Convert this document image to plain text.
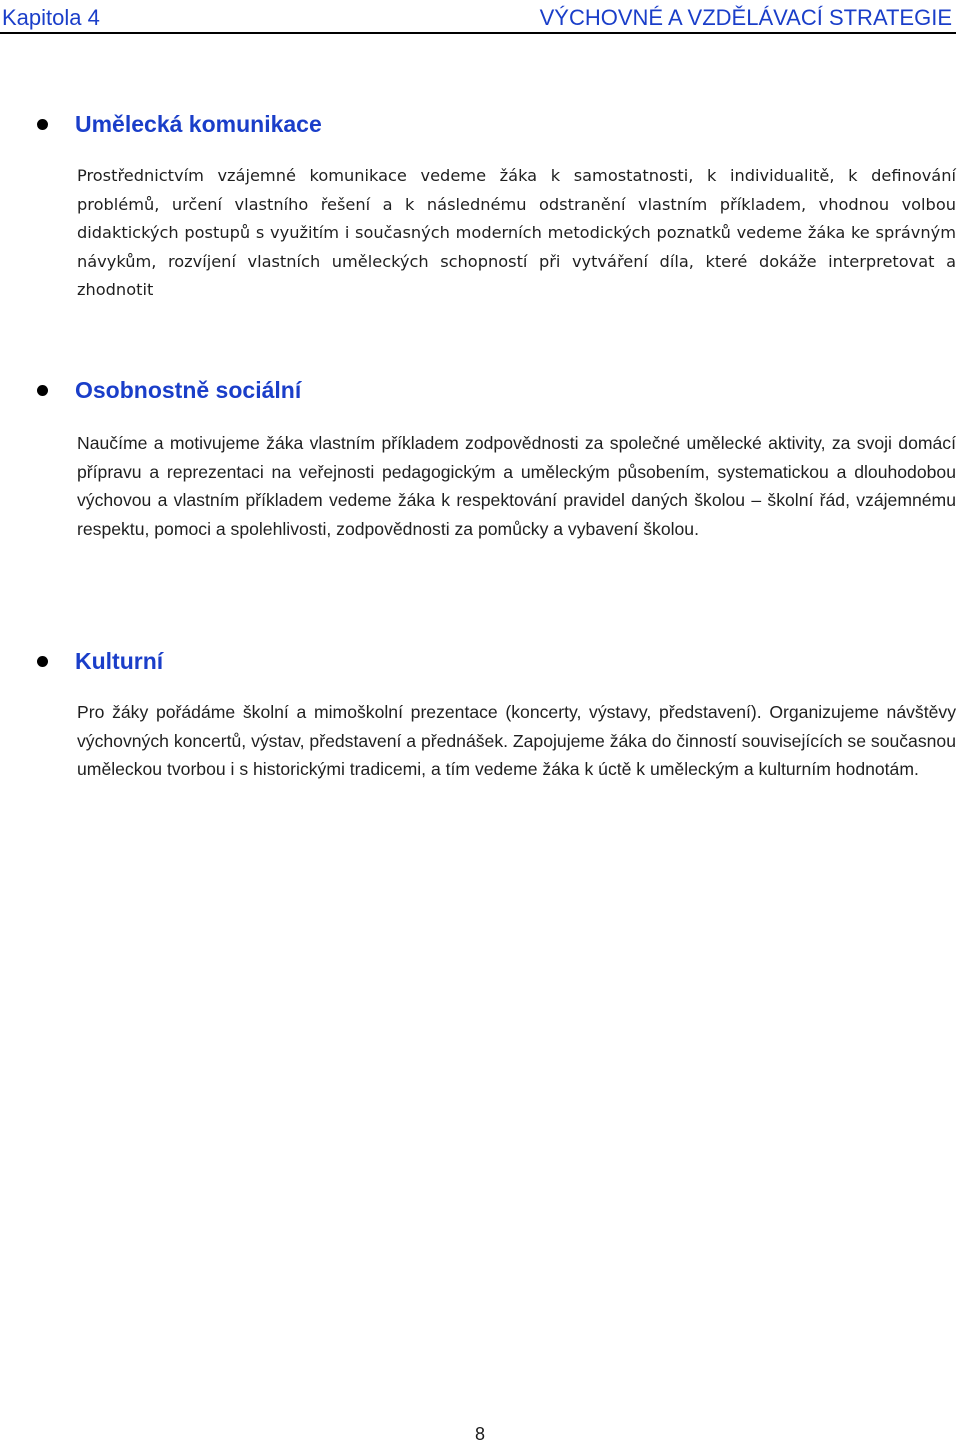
Kapitola 4	VÝCHOVNÉ A VZDĚLÁVACÍ STRATEGIE
Umělecká komunikace

Prostřednictvím vzájemné komunikace vedeme žáka k samostatnosti, k individualitě, k definování problémů, určení vlastního řešení a k následnému odstranění vlastním příkladem, vhodnou volbou didaktických postupů s využitím i současných moderních metodických poznatků vedeme žáka ke správným návykům, rozvíjení vlastních uměleckých schopností při vytváření díla, které dokáže interpretovat a zhodnotit

Osobnostně sociální

Naučíme a motivujeme žáka vlastním příkladem zodpovědnosti za společné umělecké aktivity, za svoji domácí přípravu a reprezentaci na veřejnosti pedagogickým a uměleckým působením, systematickou a dlouhodobou výchovou a vlastním příkladem vedeme žáka k respektování pravidel daných školou – školní řád, vzájemnému respektu, pomoci a spolehlivosti, zodpovědnosti za pomůcky a vybavení školou.

Kulturní

Pro žáky pořádáme školní a mimoškolní prezentace (koncerty, výstavy, představení). Organizujeme návštěvy výchovných koncertů, výstav, představení a přednášek. Zapojujeme žáka do činností souvisejících se současnou uměleckou tvorbou i s historickými tradicemi, a tím vedeme žáka k úctě k uměleckým a kulturním hodnotám.

8
